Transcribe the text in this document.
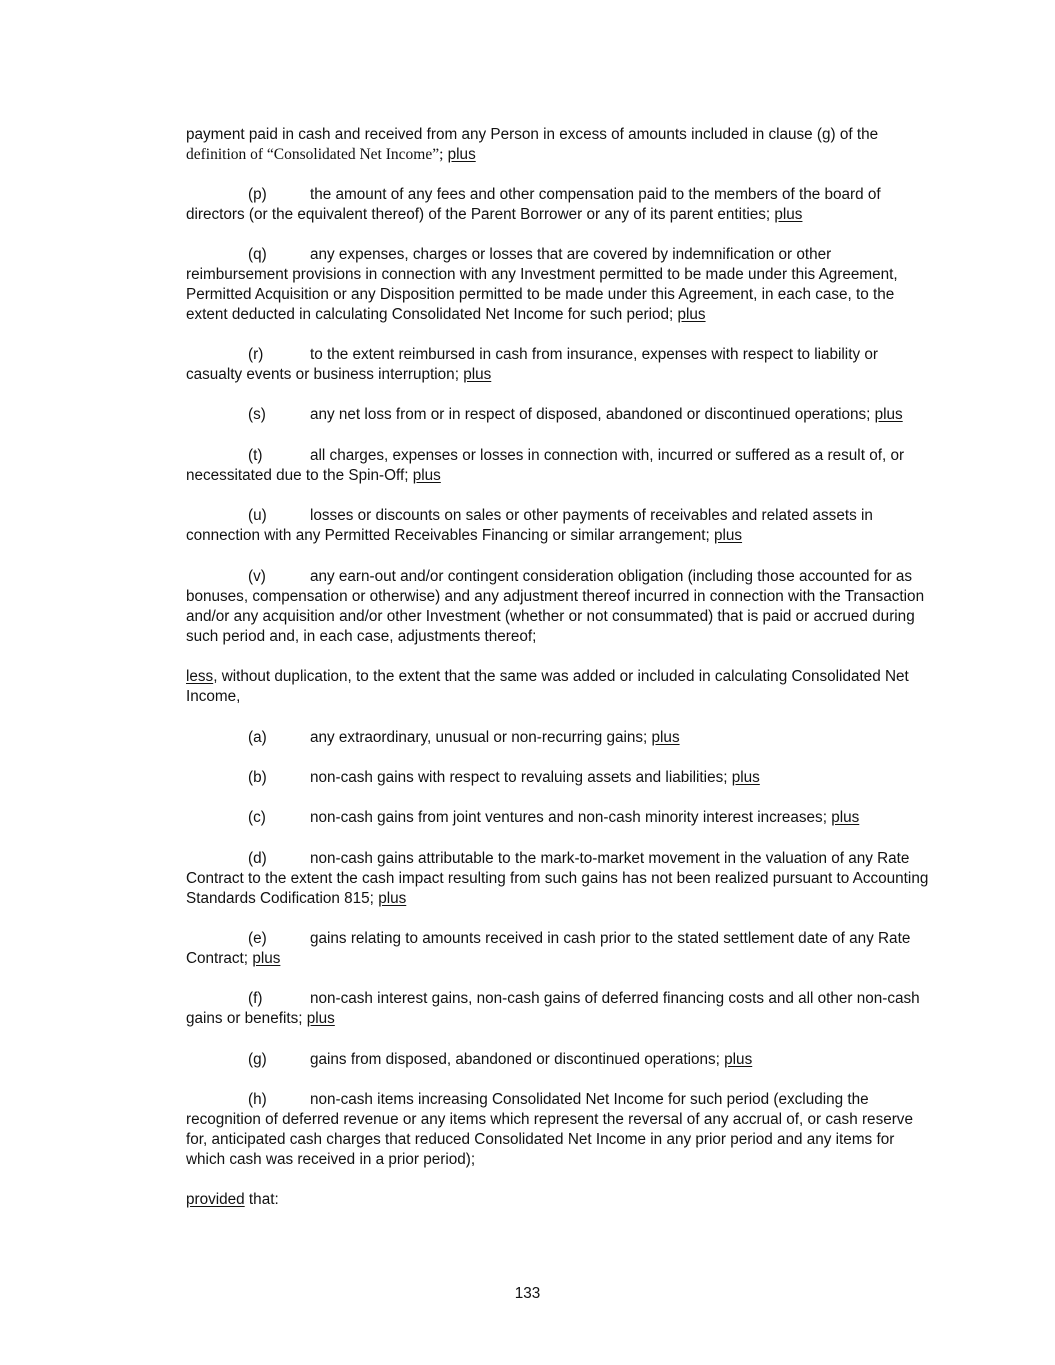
payment paid in cash and received from any Person in excess of amounts included in clause (g) of the
definition of “Consolidated Net Income”; plus
(p)	the amount of any fees and other compensation paid to the members of the board of
directors (or the equivalent thereof) of the Parent Borrower or any of its parent entities; plus
(q)	any expenses, charges or losses that are covered by indemnification or other
reimbursement provisions in connection with any Investment permitted to be made under this Agreement, Permitted Acquisition or any Disposition permitted to be made under this Agreement, in each case, to the extent deducted in calculating Consolidated Net Income for such period; plus
(r)	to the extent reimbursed in cash from insurance, expenses with respect to liability or
casualty events or business interruption; plus
(s)	any net loss from or in respect of disposed, abandoned or discontinued operations; plus
(t)	all charges, expenses or losses in connection with, incurred or suffered as a result of, or
necessitated due to the Spin-Off; plus
(u)	losses or discounts on sales or other payments of receivables and related assets in
connection with any Permitted Receivables Financing or similar arrangement; plus
(v)	any earn-out and/or contingent consideration obligation (including those accounted for as
bonuses, compensation or otherwise) and any adjustment thereof incurred in connection with the Transaction and/or any acquisition and/or other Investment (whether or not consummated) that is paid or accrued during such period and, in each case, adjustments thereof;
less, without duplication, to the extent that the same was added or included in calculating Consolidated Net Income,
(a)	any extraordinary, unusual or non-recurring gains; plus
(b)	non-cash gains with respect to revaluing assets and liabilities; plus
(c)	non-cash gains from joint ventures and non-cash minority interest increases; plus
(d)	non-cash gains attributable to the mark-to-market movement in the valuation of any Rate
Contract to the extent the cash impact resulting from such gains has not been realized pursuant to Accounting Standards Codification 815; plus
(e)	gains relating to amounts received in cash prior to the stated settlement date of any Rate
Contract; plus
(f)	non-cash interest gains, non-cash gains of deferred financing costs and all other non-cash
gains or benefits; plus
(g)	gains from disposed, abandoned or discontinued operations; plus
(h)	non-cash items increasing Consolidated Net Income for such period (excluding the
recognition of deferred revenue or any items which represent the reversal of any accrual of, or cash reserve for, anticipated cash charges that reduced Consolidated Net Income in any prior period and any items for which cash was received in a prior period);
provided that:
133
